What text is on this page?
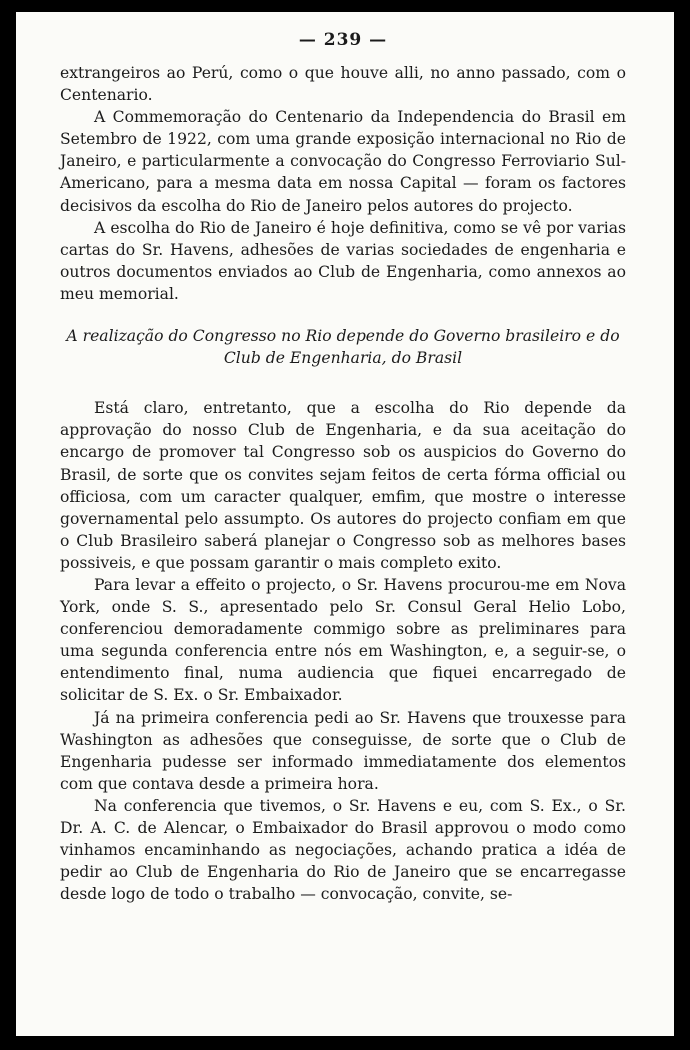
— 239 —

extrangeiros ao Perú, como o que houve alli, no anno passado, com o Centenario.

A Commemoração do Centenario da Independencia do Brasil em Setembro de 1922, com uma grande exposição internacional no Rio de Janeiro, e particularmente a convocação do Congresso Ferroviario Sul-Americano, para a mesma data em nossa Capital — foram os factores decisivos da escolha do Rio de Janeiro pelos autores do projecto.

A escolha do Rio de Janeiro é hoje definitiva, como se vê por varias cartas do Sr. Havens, adhesões de varias sociedades de engenharia e outros documentos enviados ao Club de Engenharia, como annexos ao meu memorial.

A realização do Congresso no Rio depende do Governo brasileiro e do
Club de Engenharia, do Brasil

Está claro, entretanto, que a escolha do Rio depende da approvação do nosso Club de Engenharia, e da sua aceitação do encargo de promover tal Congresso sob os auspicios do Governo do Brasil, de sorte que os convites sejam feitos de certa fórma official ou officiosa, com um caracter qualquer, emfim, que mostre o interesse governamental pelo assumpto. Os autores do projecto confiam em que o Club Brasileiro saberá planejar o Congresso sob as melhores bases possiveis, e que possam garantir o mais completo exito.

Para levar a effeito o projecto, o Sr. Havens procurou-me em Nova York, onde S. S., apresentado pelo Sr. Consul Geral Helio Lobo, conferenciou demoradamente commigo sobre as preliminares para uma segunda conferencia entre nós em Washington, e, a seguir-se, o entendimento final, numa audiencia que fiquei encarregado de solicitar de S. Ex. o Sr. Embaixador.

Já na primeira conferencia pedi ao Sr. Havens que trouxesse para Washington as adhesões que conseguisse, de sorte que o Club de Engenharia pudesse ser informado immediatamente dos elementos com que contava desde a primeira hora.

Na conferencia que tivemos, o Sr. Havens e eu, com S. Ex., o Sr. Dr. A. C. de Alencar, o Embaixador do Brasil approvou o modo como vinhamos encaminhando as negociações, achando pratica a idéa de pedir ao Club de Engenharia do Rio de Janeiro que se encarregasse desde logo de todo o trabalho — convocação, convite, se-
